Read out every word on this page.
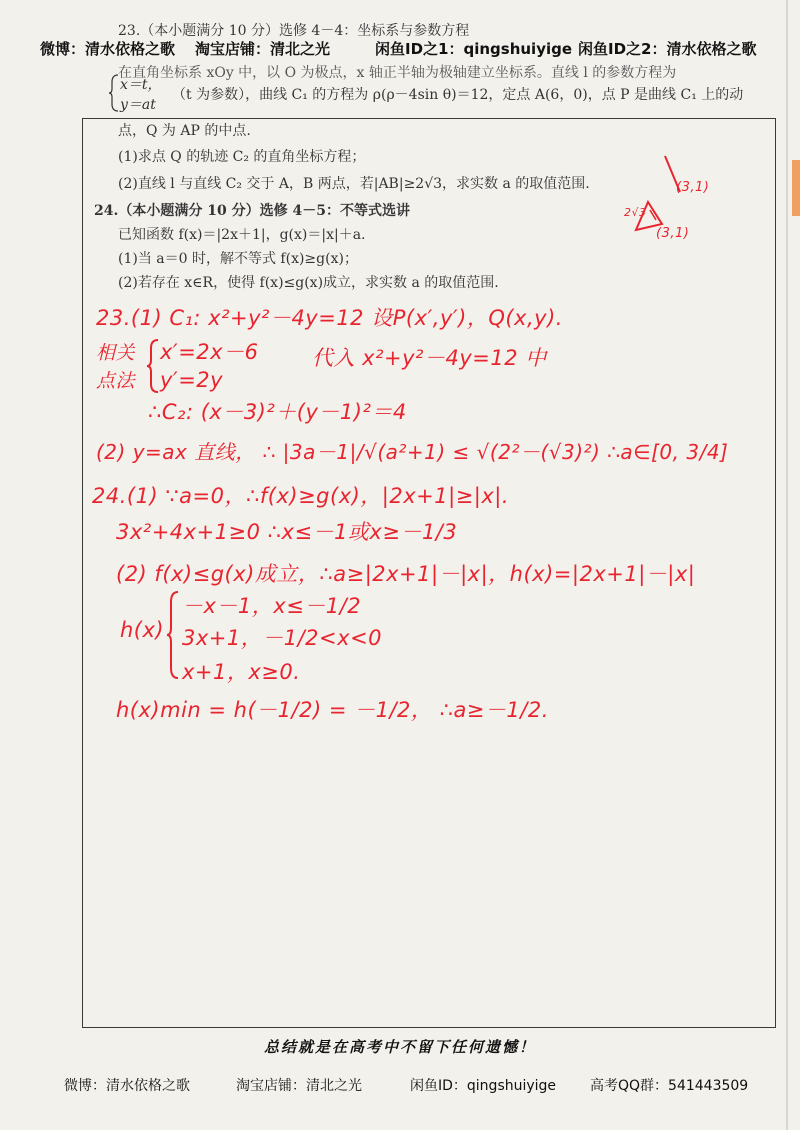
23.（本小题满分 10 分）选修 4－4：坐标系与参数方程
微博：清水依格之歌 淘宝店铺：清北之光	闲鱼ID之1：qingshuiyige 闲鱼ID之2：清水依格之歌
在直角坐标系 xOy 中，以 O 为极点，x 轴正半轴为极轴建立坐标系。直线 l 的参数方程为
x＝t，
y＝at
（t 为参数），曲线 C₁ 的方程为 ρ(ρ－4sin θ)＝12，定点 A(6，0)，点 P 是曲线 C₁ 上的动
点，Q 为 AP 的中点.
(1)求点 Q 的轨迹 C₂ 的直角坐标方程；
(2)直线 l 与直线 C₂ 交于 A，B 两点，若|AB|≥2√3，求实数 a 的取值范围.
24.（本小题满分 10 分）选修 4－5：不等式选讲
已知函数 f(x)＝|2x＋1|，g(x)＝|x|＋a.
(1)当 a＝0 时，解不等式 f(x)≥g(x)；
(2)若存在 x∈R，使得 f(x)≤g(x)成立，求实数 a 的取值范围.
(3,1)
(3,1)
2√3
23.(1) C₁: x²+y²－4y=12 设P(x′,y′)，Q(x,y).
相关
点法
x′=2x－6
y′=2y
代入 x²+y²－4y=12 中
∴C₂: (x－3)²＋(y－1)²＝4
(2) y=ax 直线， ∴ |3a－1|/√(a²+1) ≤ √(2²－(√3)²) ∴a∈[0, 3/4]
24.(1) ∵a=0，∴f(x)≥g(x)，|2x+1|≥|x|.
3x²+4x+1≥0 ∴x≤－1或x≥－1/3
(2) f(x)≤g(x)成立，∴a≥|2x+1|－|x|，h(x)=|2x+1|－|x|
h(x)
－x－1，x≤－1/2
3x+1，－1/2<x<0
x+1，x≥0.
h(x)min = h(－1/2) = －1/2， ∴a≥－1/2.
总结就是在高考中不留下任何遗憾！
微博：清水依格之歌	淘宝店铺：清北之光	闲鱼ID：qingshuiyige 高考QQ群：541443509
